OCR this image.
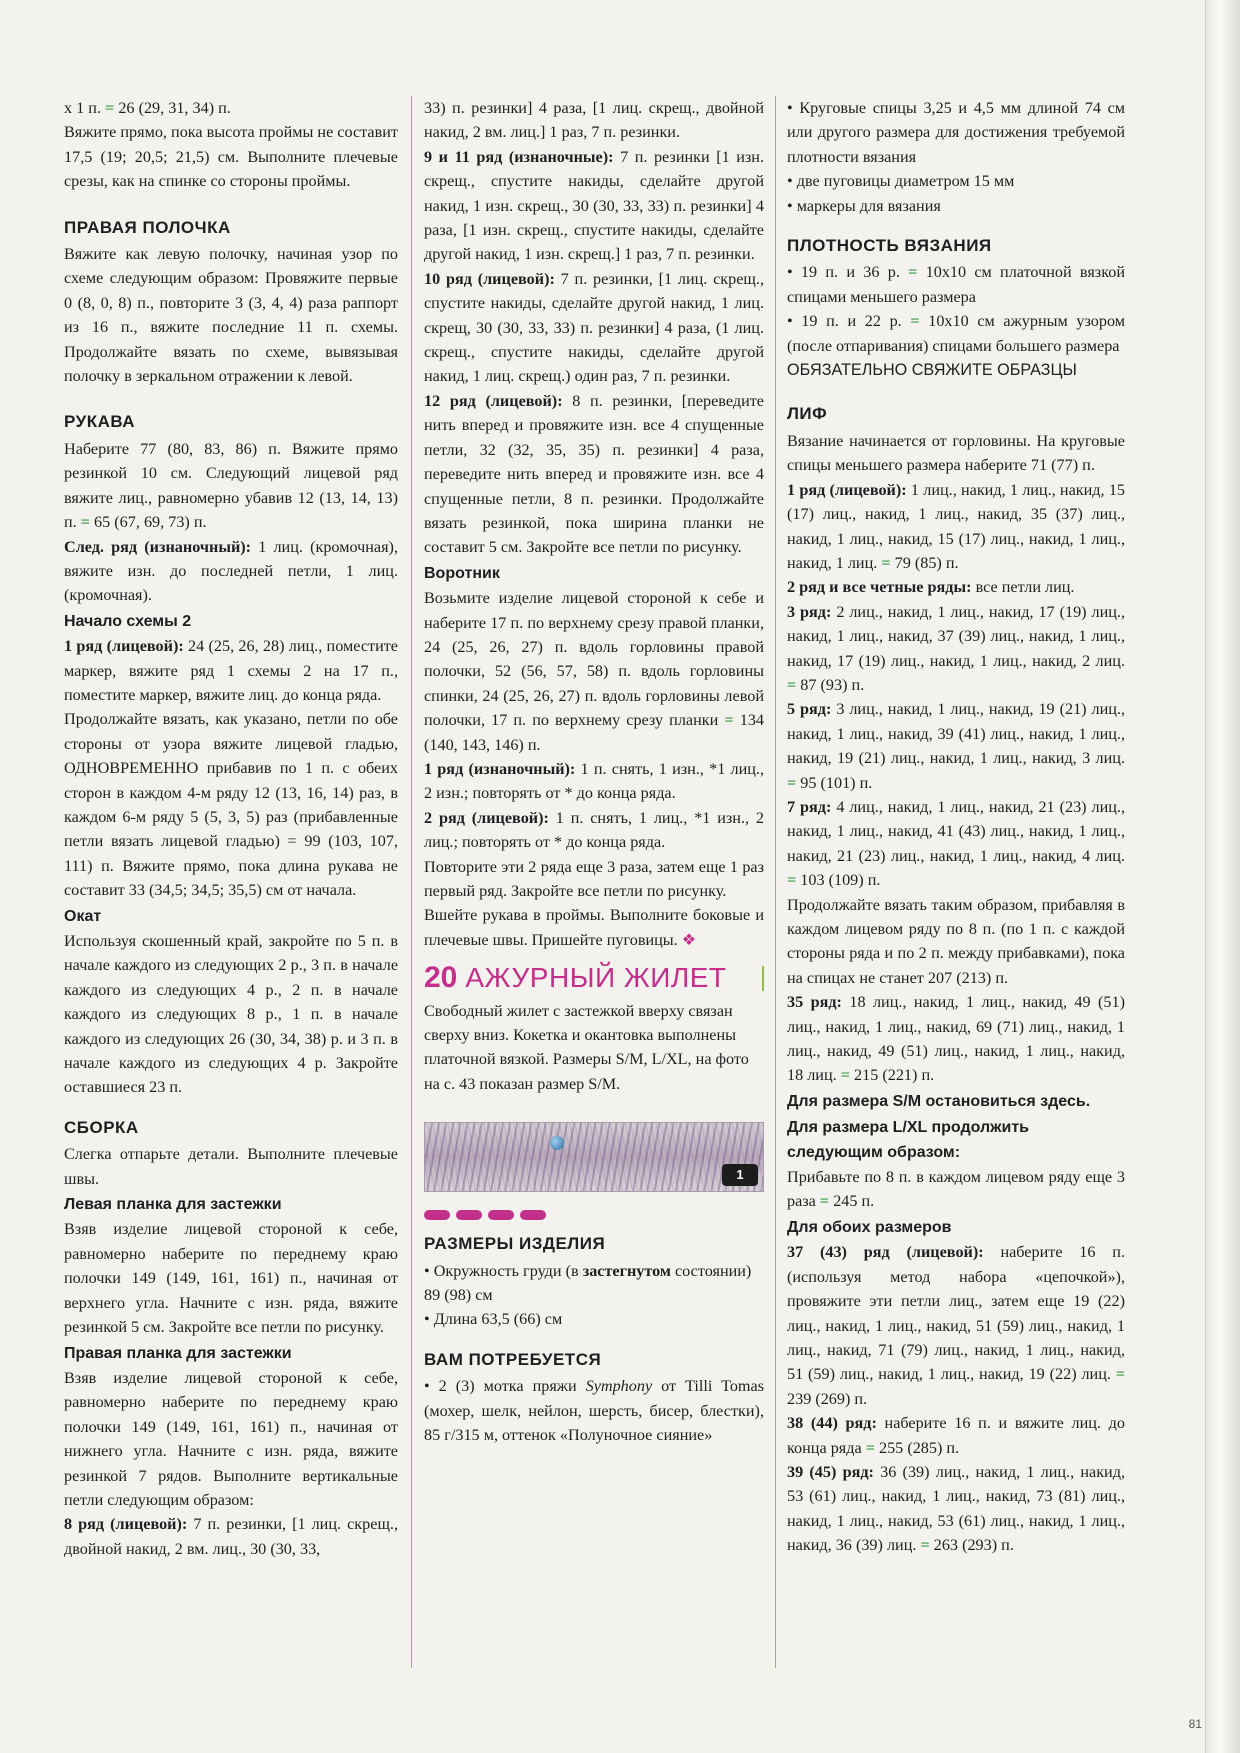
х 1 п. = 26 (29, 31, 34) п.

Вяжите прямо, пока высота проймы не составит 17,5 (19; 20,5; 21,5) см. Выполните плечевые срезы, как на спинке со стороны проймы.

ПРАВАЯ ПОЛОЧКА

Вяжите как левую полочку, начиная узор по схеме следующим образом: Провяжите первые 0 (8, 0, 8) п., повторите 3 (3, 4, 4) раза раппорт из 16 п., вяжите последние 11 п. схемы. Продолжайте вязать по схеме, вывязывая полочку в зеркальном отражении к левой.

РУКАВА

Наберите 77 (80, 83, 86) п. Вяжите прямо резинкой 10 см. Следующий лицевой ряд вяжите лиц., равномерно убавив 12 (13, 14, 13) п. = 65 (67, 69, 73) п.

След. ряд (изнаночный): 1 лиц. (кромочная), вяжите изн. до последней петли, 1 лиц. (кромочная).

Начало схемы 2

1 ряд (лицевой): 24 (25, 26, 28) лиц., поместите маркер, вяжите ряд 1 схемы 2 на 17 п., поместите маркер, вяжите лиц. до конца ряда.

Продолжайте вязать, как указано, петли по обе стороны от узора вяжите лицевой гладью, ОДНОВРЕМЕННО прибавив по 1 п. с обеих сторон в каждом 4-м ряду 12 (13, 16, 14) раз, в каждом 6-м ряду 5 (5, 3, 5) раз (прибавленные петли вязать лицевой гладью) = 99 (103, 107, 111) п. Вяжите прямо, пока длина рукава не составит 33 (34,5; 34,5; 35,5) см от начала.

Окат

Используя скошенный край, закройте по 5 п. в начале каждого из следующих 2 р., 3 п. в начале каждого из следующих 4 р., 2 п. в начале каждого из следующих 8 р., 1 п. в начале каждого из следующих 26 (30, 34, 38) р. и 3 п. в начале каждого из следующих 4 р. Закройте оставшиеся 23 п.

СБОРКА

Слегка отпарьте детали. Выполните плечевые швы.

Левая планка для застежки

Взяв изделие лицевой стороной к себе, равномерно наберите по переднему краю полочки 149 (149, 161, 161) п., начиная от верхнего угла. Начните с изн. ряда, вяжите резинкой 5 см. Закройте все петли по рисунку.

Правая планка для застежки

Взяв изделие лицевой стороной к себе, равномерно наберите по переднему краю полочки 149 (149, 161, 161) п., начиная от нижнего угла. Начните с изн. ряда, вяжите резинкой 7 рядов. Выполните вертикальные петли следующим образом:

8 ряд (лицевой): 7 п. резинки, [1 лиц. скрещ., двойной накид, 2 вм. лиц., 30 (30, 33,

33) п. резинки] 4 раза, [1 лиц. скрещ., двойной накид, 2 вм. лиц.] 1 раз, 7 п. резинки.

9 и 11 ряд (изнаночные): 7 п. резинки [1 изн. скрещ., спустите накиды, сделайте другой накид, 1 изн. скрещ., 30 (30, 33, 33) п. резинки] 4 раза, [1 изн. скрещ., спустите накиды, сделайте другой накид, 1 изн. скрещ.] 1 раз, 7 п. резинки.

10 ряд (лицевой): 7 п. резинки, [1 лиц. скрещ., спустите накиды, сделайте другой накид, 1 лиц. скрещ, 30 (30, 33, 33) п. резинки] 4 раза, (1 лиц. скрещ., спустите накиды, сделайте другой накид, 1 лиц. скрещ.) один раз, 7 п. резинки.

12 ряд (лицевой): 8 п. резинки, [переведите нить вперед и провяжите изн. все 4 спущенные петли, 32 (32, 35, 35) п. резинки] 4 раза, переведите нить вперед и провяжите изн. все 4 спущенные петли, 8 п. резинки. Продолжайте вязать резинкой, пока ширина планки не составит 5 см. Закройте все петли по рисунку.

Воротник

Возьмите изделие лицевой стороной к себе и наберите 17 п. по верхнему срезу правой планки, 24 (25, 26, 27) п. вдоль горловины правой полочки, 52 (56, 57, 58) п. вдоль горловины спинки, 24 (25, 26, 27) п. вдоль горловины левой полочки, 17 п. по верхнему срезу планки = 134 (140, 143, 146) п.

1 ряд (изнаночный): 1 п. снять, 1 изн., *1 лиц., 2 изн.; повторять от * до конца ряда.

2 ряд (лицевой): 1 п. снять, 1 лиц., *1 изн., 2 лиц.; повторять от * до конца ряда.

Повторите эти 2 ряда еще 3 раза, затем еще 1 раз первый ряд. Закройте все петли по рисунку.

Вшейте рукава в проймы. Выполните боковые и плечевые швы. Пришейте пуговицы. ❖

20 АЖУРНЫЙ ЖИЛЕТ

Свободный жилет с застежкой вверху связан сверху вниз. Кокетка и окантовка выполнены платочной вязкой. Размеры S/M, L/XL, на фото на с. 43 показан размер S/M.

1
РАЗМЕРЫ ИЗДЕЛИЯ

• Окружность груди (в застегнутом состоянии) 89 (98) см

• Длина 63,5 (66) см

ВАМ ПОТРЕБУЕТСЯ

• 2 (3) мотка пряжи Symphony от Tilli Tomas (мохер, шелк, нейлон, шерсть, бисер, блестки), 85 г/315 м, оттенок «Полуночное сияние»

• Круговые спицы 3,25 и 4,5 мм длиной 74 см или другого размера для достижения требуемой плотности вязания

• две пуговицы диаметром 15 мм

• маркеры для вязания

ПЛОТНОСТЬ ВЯЗАНИЯ

• 19 п. и 36 р. = 10х10 см платочной вязкой спицами меньшего размера

• 19 п. и 22 р. = 10х10 см ажурным узором (после отпаривания) спицами большего размера

ОБЯЗАТЕЛЬНО СВЯЖИТЕ ОБРАЗЦЫ

ЛИФ

Вязание начинается от горловины. На круговые спицы меньшего размера наберите 71 (77) п.

1 ряд (лицевой): 1 лиц., накид, 1 лиц., накид, 15 (17) лиц., накид, 1 лиц., накид, 35 (37) лиц., накид, 1 лиц., накид, 15 (17) лиц., накид, 1 лиц., накид, 1 лиц. = 79 (85) п.

2 ряд и все четные ряды: все петли лиц.

3 ряд: 2 лиц., накид, 1 лиц., накид, 17 (19) лиц., накид, 1 лиц., накид, 37 (39) лиц., накид, 1 лиц., накид, 17 (19) лиц., накид, 1 лиц., накид, 2 лиц. = 87 (93) п.

5 ряд: 3 лиц., накид, 1 лиц., накид, 19 (21) лиц., накид, 1 лиц., накид, 39 (41) лиц., накид, 1 лиц., накид, 19 (21) лиц., накид, 1 лиц., накид, 3 лиц. = 95 (101) п.

7 ряд: 4 лиц., накид, 1 лиц., накид, 21 (23) лиц., накид, 1 лиц., накид, 41 (43) лиц., накид, 1 лиц., накид, 21 (23) лиц., накид, 1 лиц., накид, 4 лиц. = 103 (109) п.

Продолжайте вязать таким образом, прибавляя в каждом лицевом ряду по 8 п. (по 1 п. с каждой стороны ряда и по 2 п. между прибавками), пока на спицах не станет 207 (213) п.

35 ряд: 18 лиц., накид, 1 лиц., накид, 49 (51) лиц., накид, 1 лиц., накид, 69 (71) лиц., накид, 1 лиц., накид, 49 (51) лиц., накид, 1 лиц., накид, 18 лиц. = 215 (221) п.

Для размера S/M остановиться здесь.
Для размера L/XL продолжить следующим образом:

Прибавьте по 8 п. в каждом лицевом ряду еще 3 раза = 245 п.

Для обоих размеров

37 (43) ряд (лицевой): наберите 16 п. (используя метод набора «цепочкой»), провяжите эти петли лиц., затем еще 19 (22) лиц., накид, 1 лиц., накид, 51 (59) лиц., накид, 1 лиц., накид, 71 (79) лиц., накид, 1 лиц., накид, 51 (59) лиц., накид, 1 лиц., накид, 19 (22) лиц. = 239 (269) п.

38 (44) ряд: наберите 16 п. и вяжите лиц. до конца ряда = 255 (285) п.

39 (45) ряд: 36 (39) лиц., накид, 1 лиц., накид, 53 (61) лиц., накид, 1 лиц., накид, 73 (81) лиц., накид, 1 лиц., накид, 53 (61) лиц., накид, 1 лиц., накид, 36 (39) лиц. = 263 (293) п.

81
